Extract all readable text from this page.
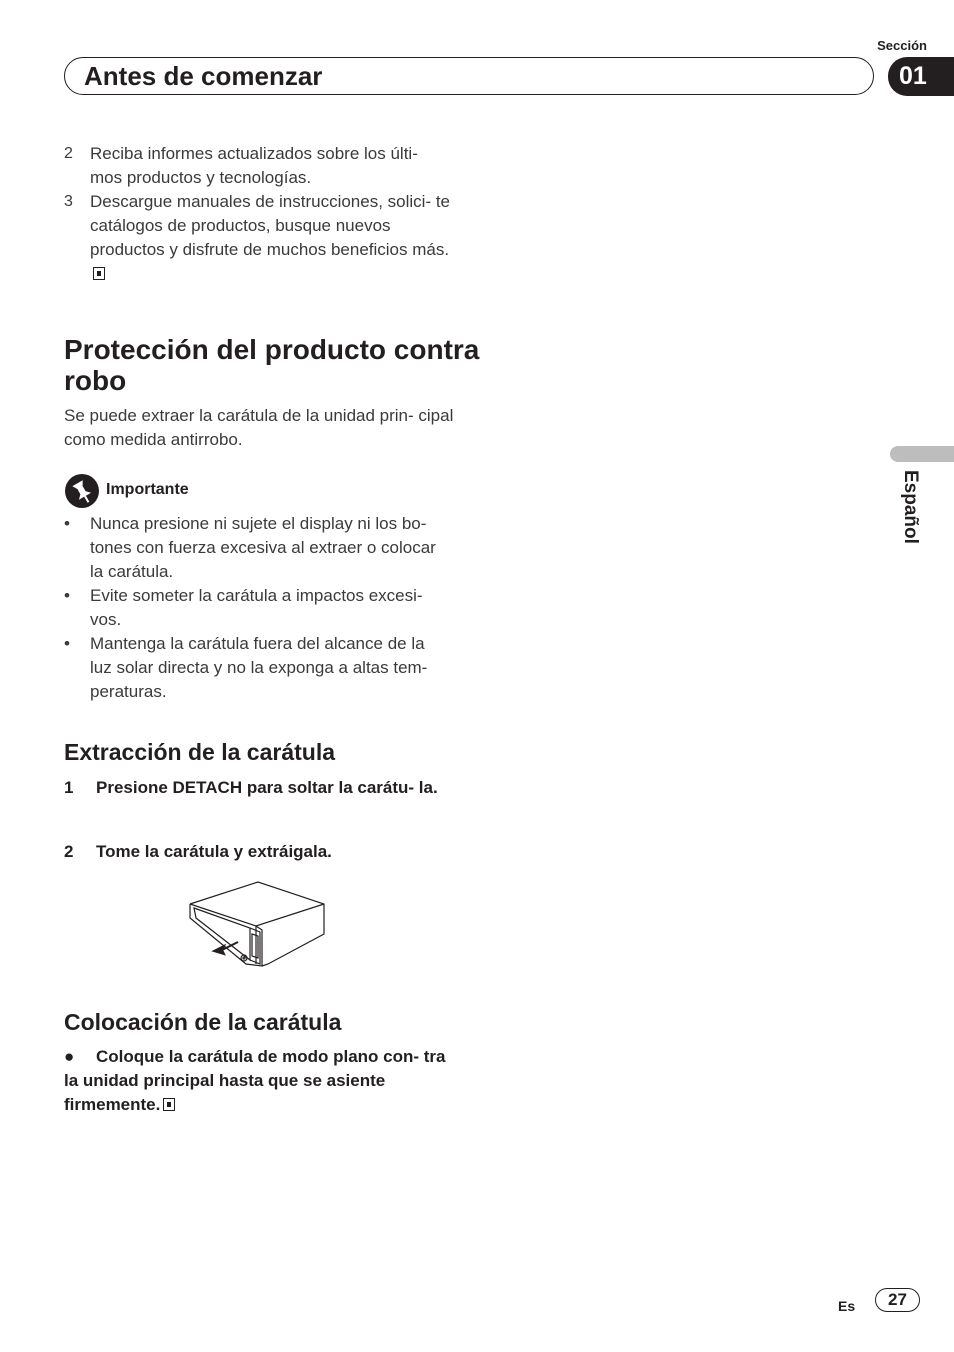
Sección
Antes de comenzar	01
Español
2 Reciba informes actualizados sobre los últi- mos productos y tecnologías.
3 Descargue manuales de instrucciones, solici- te catálogos de productos, busque nuevos productos y disfrute de muchos beneficios más.
Protección del producto contra robo
Se puede extraer la carátula de la unidad prin- cipal como medida antirrobo.
Importante
• Nunca presione ni sujete el display ni los bo- tones con fuerza excesiva al extraer o colocar la carátula.
• Evite someter la carátula a impactos excesi- vos.
• Mantenga la carátula fuera del alcance de la luz solar directa y no la exponga a altas tem- peraturas.
Extracción de la carátula
1 Presione DETACH para soltar la carátu- la.
2 Tome la carátula y extráigala.
Colocación de la carátula
● Coloque la carátula de modo plano con- tra la unidad principal hasta que se asiente firmemente.
Es	27
